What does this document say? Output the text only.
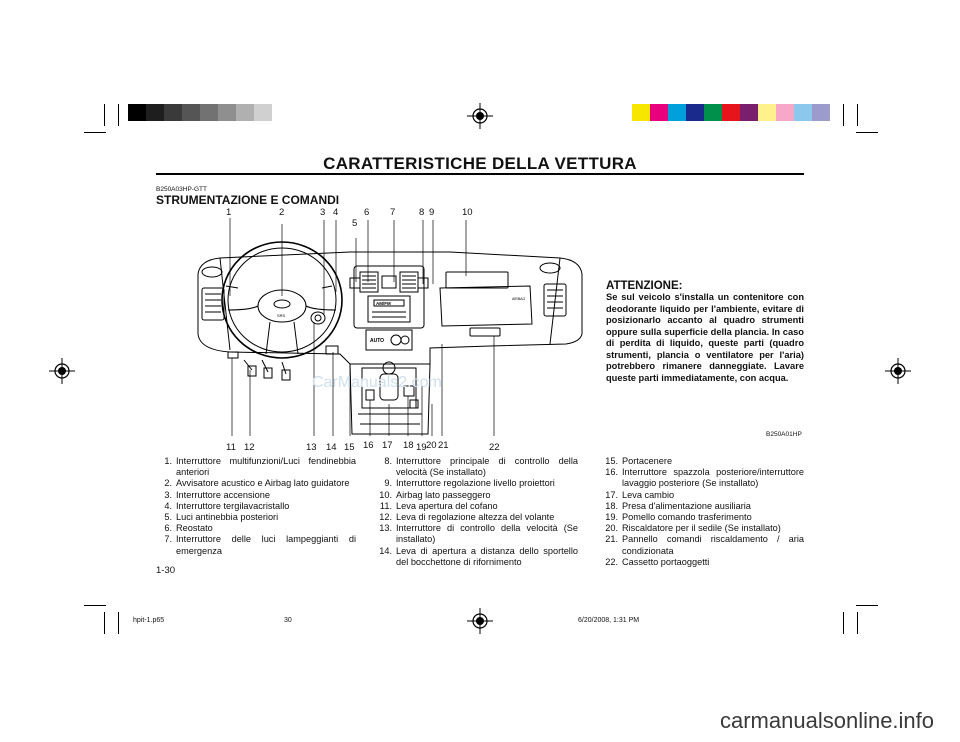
CARATTERISTICHE DELLA VETTURA
B250A03HP-GTT
STRUMENTAZIONE E COMANDI
SRS
AM/FM
AUTO
AIRBAG
1	2	3 4
5
6 7 8 9	10
11 12	13 14 15 16 17 18 19 20 21	22
CarManuals2.com
B250A01HP
ATTENZIONE:
Se sul veicolo s'installa un contenitore con deodorante liquido per l'ambiente, evitare di posizionarlo accanto al quadro strumenti oppure sulla superficie della plancia. In caso di perdita di liquido, queste parti (quadro strumenti, plancia o ventilatore per l'aria) potrebbero rimanere danneggiate. Lavare queste parti immediatamente, con acqua.
1. Interruttore multifunzioni/Luci fendinebbia anteriori
2. Avvisatore acustico e Airbag lato guidatore
3. Interruttore accensione
4. Interruttore tergilavacristallo
5. Luci antinebbia posteriori
6. Reostato
7. Interruttore delle luci lampeggianti di emergenza
8. Interruttore principale di controllo della velocità (Se installato)
9. Interruttore regolazione livello proiettori
10. Airbag lato passeggero
11. Leva apertura del cofano
12. Leva di regolazione altezza del volante
13. Interruttore di controllo della velocità (Se installato)
14. Leva di apertura a distanza dello sportello del bocchettone di rifornimento
15. Portacenere
16. Interruttore spazzola posteriore/interruttore lavaggio posteriore (Se installato)
17. Leva cambio
18. Presa d'alimentazione ausiliaria
19. Pomello comando trasferimento
20. Riscaldatore per il sedile (Se installato)
21. Pannello comandi riscaldamento / aria condizionata
22. Cassetto portaoggetti
1-30
hpit-1.p65	30	6/20/2008, 1:31 PM
carmanualsonline.info
